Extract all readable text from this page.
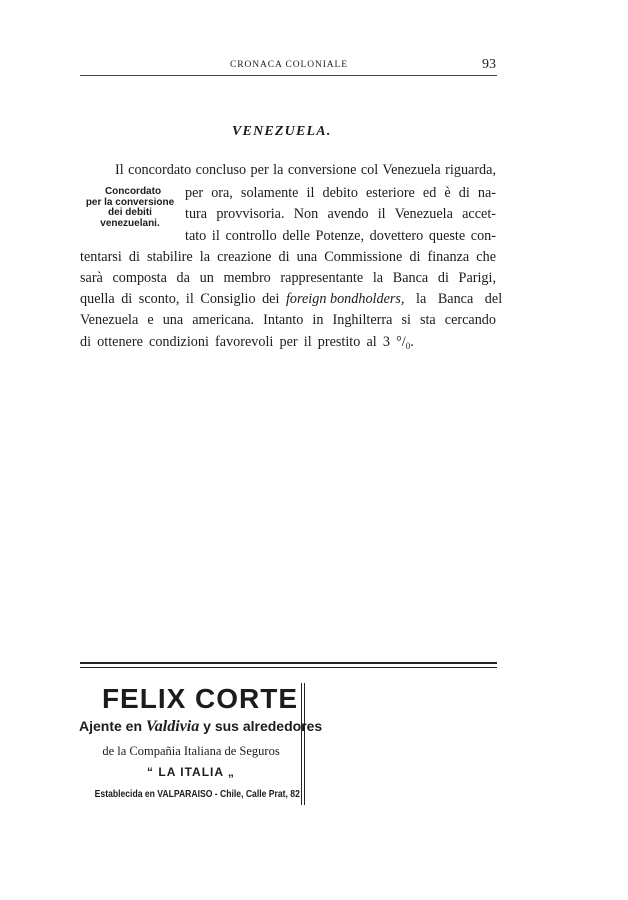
CRONACA COLONIALE	93
VENEZUELA.
Il concordato concluso per la conversione col Venezuela riguarda,
per ora, solamente il debito esteriore ed è di na-
tura provvisoria. Non avendo il Venezuela accet-
tato il controllo delle Potenze, dovettero queste con-
tentarsi di stabilire la creazione di una Commissione di finanza che
sarà composta da un membro rappresentante la Banca di Parigi,
quella di sconto, il Consiglio dei foreign bondholders, la Banca del
Venezuela e una americana. Intanto in Inghilterra si sta cercando
di ottenere condizioni favorevoli per il prestito al 3 $^\circ/_0$.
Concordato
per la conversione
dei debiti
venezuelani.
FELIX CORTE
Ajente en Valdivia y sus alrededores
de la Compañia Italiana de Seguros
“ LA ITALIA „
Establecida en VALPARAISO - Chile, Calle Prat, 82
